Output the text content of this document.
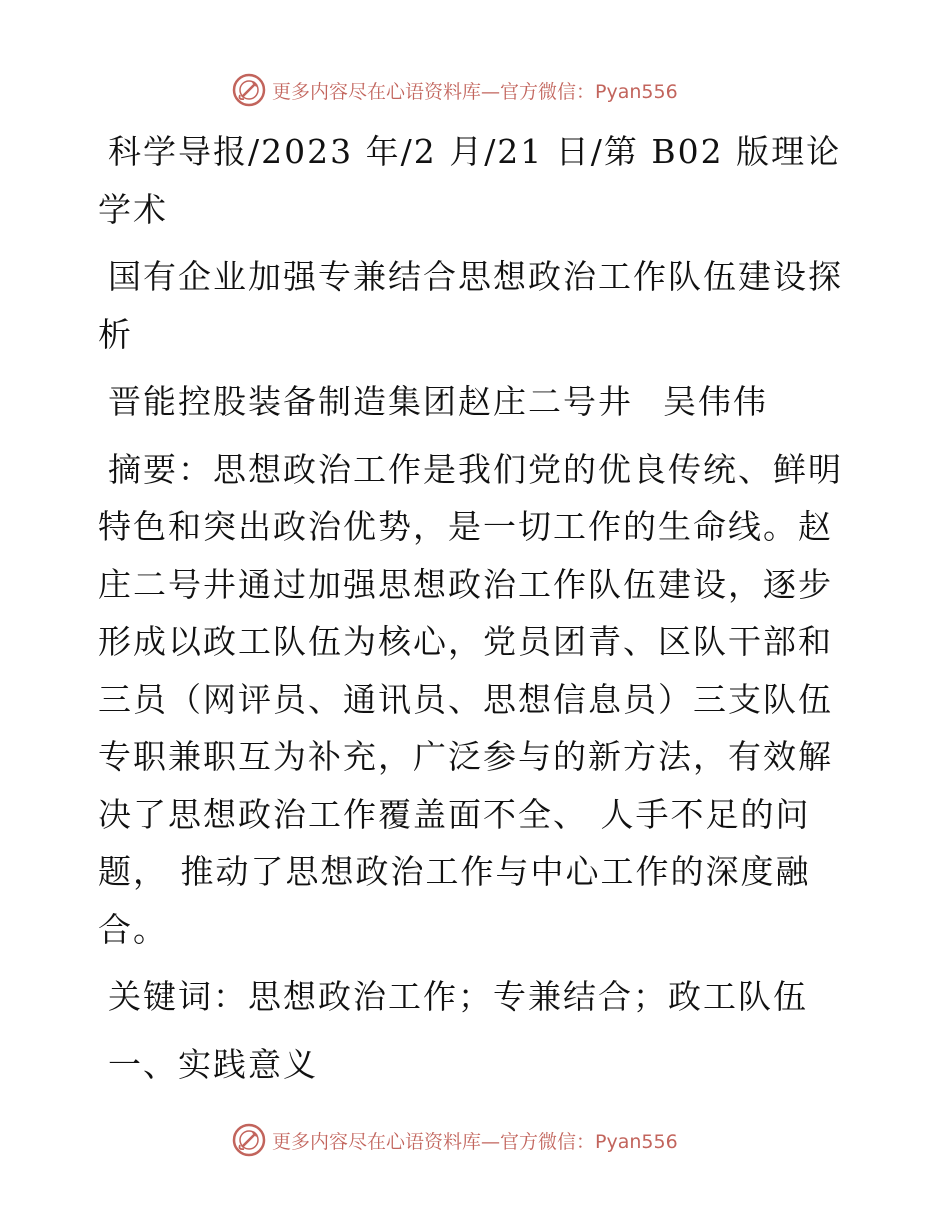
更多内容尽在心语资料库—官方微信：Pyan556

科学导报/2023 年/2 月/21 日/第 B02 版理论学术

国有企业加强专兼结合思想政治工作队伍建设探析

晋能控股装备制造集团赵庄二号井 吴伟伟

摘要：思想政治工作是我们党的优良传统、鲜明特色和突出政治优势，是一切工作的生命线。赵庄二号井通过加强思想政治工作队伍建设，逐步形成以政工队伍为核心，党员团青、区队干部和三员（网评员、通讯员、思想信息员）三支队伍专职兼职互为补充，广泛参与的新方法，有效解决了思想政治工作覆盖面不全、 人手不足的问题， 推动了思想政治工作与中心工作的深度融合。

关键词：思想政治工作；专兼结合；政工队伍

一、实践意义

更多内容尽在心语资料库—官方微信：Pyan556
